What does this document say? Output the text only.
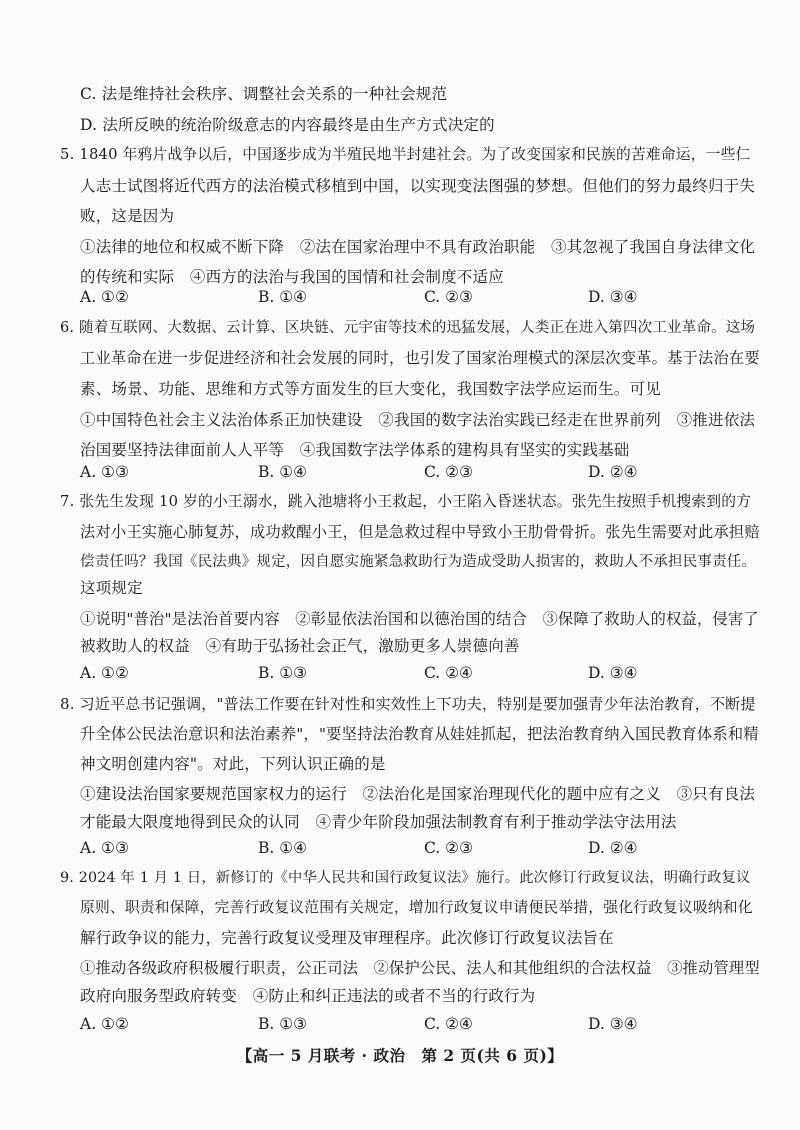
C. 法是维持社会秩序、调整社会关系的一种社会规范
D. 法所反映的统治阶级意志的内容最终是由生产方式决定的
5. 1840 年鸦片战争以后，中国逐步成为半殖民地半封建社会。为了改变国家和民族的苦难命运，一些仁
人志士试图将近代西方的法治模式移植到中国，以实现变法图强的梦想。但他们的努力最终归于失
败，这是因为
①法律的地位和权威不断下降　②法在国家治理中不具有政治职能　③其忽视了我国自身法律文化
的传统和实际　④西方的法治与我国的国情和社会制度不适应
A. ①②	B. ①④	C. ②③	D. ③④
6. 随着互联网、大数据、云计算、区块链、元宇宙等技术的迅猛发展，人类正在进入第四次工业革命。这场
工业革命在进一步促进经济和社会发展的同时，也引发了国家治理模式的深层次变革。基于法治在要
素、场景、功能、思维和方式等方面发生的巨大变化，我国数字法学应运而生。可见
①中国特色社会主义法治体系正加快建设　②我国的数字法治实践已经走在世界前列　③推进依法
治国要坚持法律面前人人平等　④我国数字法学体系的建构具有坚实的实践基础
A. ①③	B. ①④	C. ②③	D. ②④
7. 张先生发现 10 岁的小王溺水，跳入池塘将小王救起，小王陷入昏迷状态。张先生按照手机搜索到的方
法对小王实施心肺复苏，成功救醒小王，但是急救过程中导致小王肋骨骨折。张先生需要对此承担赔
偿责任吗？我国《民法典》规定，因自愿实施紧急救助行为造成受助人损害的，救助人不承担民事责任。
这项规定
①说明"普治"是法治首要内容　②彰显依法治国和以德治国的结合　③保障了救助人的权益，侵害了
被救助人的权益　④有助于弘扬社会正气，激励更多人崇德向善
A. ①②	B. ①③	C. ②④	D. ③④
8. 习近平总书记强调，"普法工作要在针对性和实效性上下功夫，特别是要加强青少年法治教育，不断提
升全体公民法治意识和法治素养"，"要坚持法治教育从娃娃抓起，把法治教育纳入国民教育体系和精
神文明创建内容"。对此，下列认识正确的是
①建设法治国家要规范国家权力的运行　②法治化是国家治理现代化的题中应有之义　③只有良法
才能最大限度地得到民众的认同　④青少年阶段加强法制教育有利于推动学法守法用法
A. ①③	B. ①④	C. ②③	D. ②④
9. 2024 年 1 月 1 日，新修订的《中华人民共和国行政复议法》施行。此次修订行政复议法，明确行政复议
原则、职责和保障，完善行政复议范围有关规定，增加行政复议申请便民举措，强化行政复议吸纳和化
解行政争议的能力，完善行政复议受理及审理程序。此次修订行政复议法旨在
①推动各级政府积极履行职责，公正司法　②保护公民、法人和其他组织的合法权益　③推动管理型
政府向服务型政府转变　④防止和纠正违法的或者不当的行政行为
A. ①②	B. ①③	C. ②④	D. ③④
【高一 5 月联考 · 政治　第 2 页(共 6 页)】
